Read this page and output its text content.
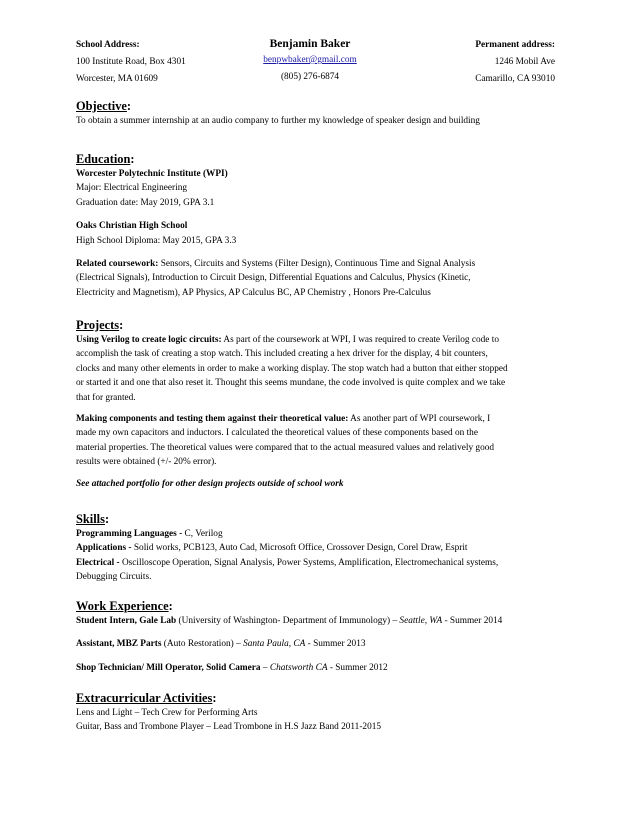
School Address:
100 Institute Road, Box 4301
Worcester, MA 01609
Benjamin Baker
benpwbaker@gmail.com
(805) 276-6874
Permanent address:
1246 Mobil Ave
Camarillo, CA 93010
Objective:

To obtain a summer internship at an audio company to further my knowledge of speaker design and building

Education:

Worcester Polytechnic Institute (WPI)

Major: Electrical Engineering

Graduation date: May 2019, GPA 3.1

Oaks Christian High School

High School Diploma: May 2015, GPA 3.3

Related coursework: Sensors, Circuits and Systems (Filter Design), Continuous Time and Signal Analysis

(Electrical Signals), Introduction to Circuit Design, Differential Equations and Calculus, Physics (Kinetic,

Electricity and Magnetism), AP Physics, AP Calculus BC, AP Chemistry , Honors Pre-Calculus

Projects:

Using Verilog to create logic circuits: As part of the coursework at WPI, I was required to create Verilog code to

accomplish the task of creating a stop watch. This included creating a hex driver for the display, 4 bit counters,

clocks and many other elements in order to make a working display. The stop watch had a button that either stopped

or started it and one that also reset it. Thought this seems mundane, the code involved is quite complex and we take

that for granted.

Making components and testing them against their theoretical value: As another part of WPI coursework, I

made my own capacitors and inductors. I calculated the theoretical values of these components based on the

material properties. The theoretical values were compared that to the actual measured values and relatively good

results were obtained (+/- 20% error).

See attached portfolio for other design projects outside of school work

Skills:

Programming Languages - C, Verilog

Applications - Solid works, PCB123, Auto Cad, Microsoft Office, Crossover Design, Corel Draw, Esprit

Electrical - Oscilloscope Operation, Signal Analysis, Power Systems, Amplification, Electromechanical systems,

Debugging Circuits.

Work Experience:

Student Intern, Gale Lab (University of Washington- Department of Immunology) – Seattle, WA - Summer 2014

Assistant, MBZ Parts (Auto Restoration) – Santa Paula, CA - Summer 2013

Shop Technician/ Mill Operator, Solid Camera – Chatsworth CA - Summer 2012

Extracurricular Activities:

Lens and Light – Tech Crew for Performing Arts

Guitar, Bass and Trombone Player – Lead Trombone in H.S Jazz Band 2011-2015
